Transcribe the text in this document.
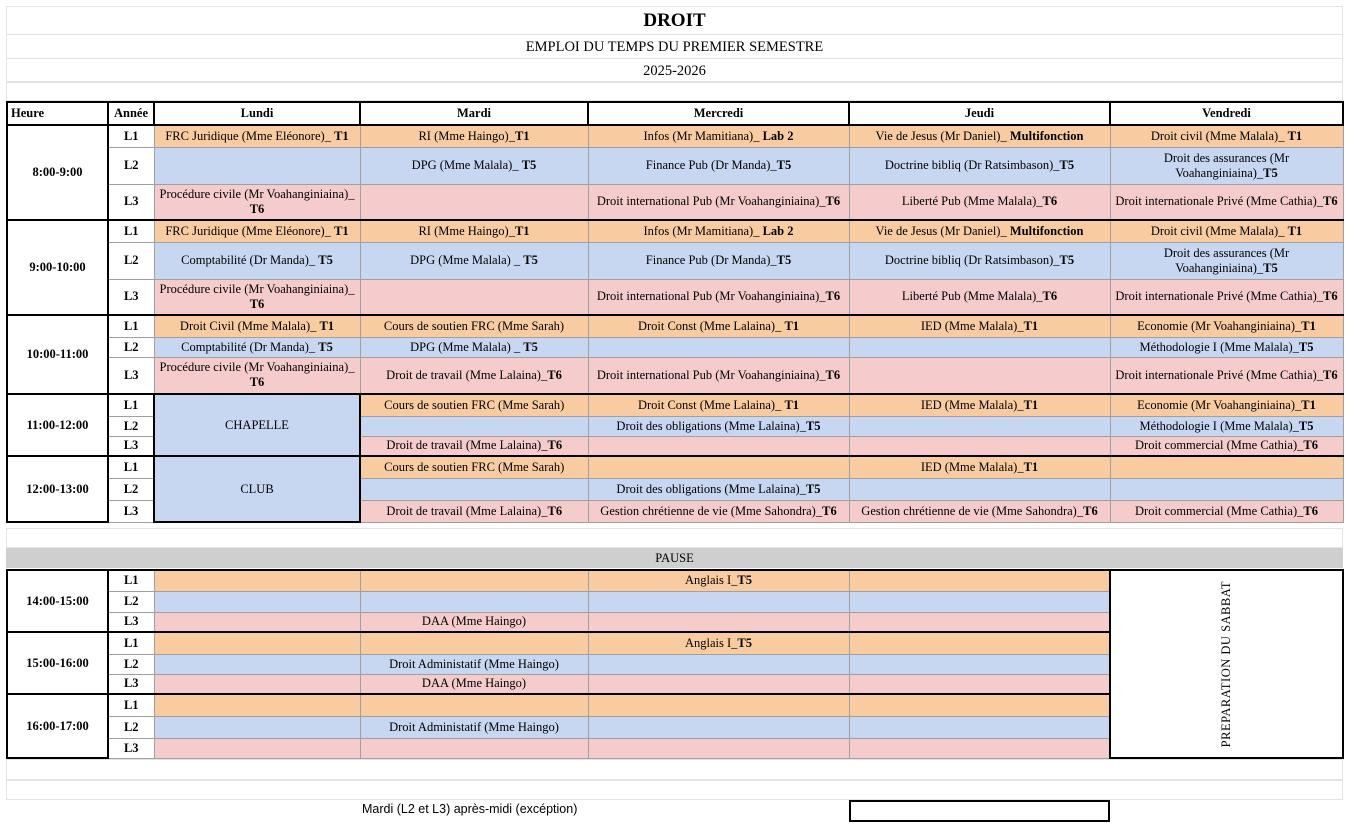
DROIT
EMPLOI DU TEMPS DU PREMIER SEMESTRE
2025-2026
Heure	Année	Lundi	Mardi	Mercredi	Jeudi	Vendredi
8:00-9:00	L1	FRC Juridique (Mme Eléonore)_ T1	RI (Mme Haingo)_T1	Infos (Mr Mamitiana)_ Lab 2	Vie de Jesus (Mr Daniel)_ Multifonction	Droit civil (Mme Malala)_ T1
	L2		DPG (Mme Malala)_ T5	Finance Pub (Dr Manda)_T5	Doctrine bibliq (Dr Ratsimbason)_T5	Droit des assurances (Mr Voahanginiaina)_T5
	L3	Procédure civile (Mr Voahanginiaina)_ T6		Droit international Pub (Mr Voahanginiaina)_T6	Liberté Pub (Mme Malala)_T6	Droit internationale Privé (Mme Cathia)_T6
9:00-10:00	L1	FRC Juridique (Mme Eléonore)_ T1	RI (Mme Haingo)_T1	Infos (Mr Mamitiana)_ Lab 2	Vie de Jesus (Mr Daniel)_ Multifonction	Droit civil (Mme Malala)_ T1
	L2	Comptabilité (Dr Manda)_ T5	DPG (Mme Malala) _ T5	Finance Pub (Dr Manda)_T5	Doctrine bibliq (Dr Ratsimbason)_T5	Droit des assurances (Mr Voahanginiaina)_T5
	L3	Procédure civile (Mr Voahanginiaina)_ T6		Droit international Pub (Mr Voahanginiaina)_T6	Liberté Pub (Mme Malala)_T6	Droit internationale Privé (Mme Cathia)_T6
10:00-11:00	L1	Droit Civil (Mme Malala)_ T1	Cours de soutien FRC (Mme Sarah)	Droit Const (Mme Lalaina)_ T1	IED (Mme Malala)_T1	Economie (Mr Voahanginiaina)_T1
	L2	Comptabilité (Dr Manda)_ T5	DPG (Mme Malala) _ T5			Méthodologie I (Mme Malala)_T5
	L3	Procédure civile (Mr Voahanginiaina)_ T6	Droit de travail (Mme Lalaina)_T6	Droit international Pub (Mr Voahanginiaina)_T6		Droit internationale Privé (Mme Cathia)_T6
11:00-12:00	L1	CHAPELLE	Cours de soutien FRC (Mme Sarah)	Droit Const (Mme Lalaina)_ T1	IED (Mme Malala)_T1	Economie (Mr Voahanginiaina)_T1
	L2			Droit des obligations (Mme Lalaina)_T5		Méthodologie I (Mme Malala)_T5
	L3		Droit de travail (Mme Lalaina)_T6			Droit commercial (Mme Cathia)_T6
12:00-13:00	L1	CLUB	Cours de soutien FRC (Mme Sarah)		IED (Mme Malala)_T1	
	L2			Droit des obligations (Mme Lalaina)_T5		
	L3		Droit de travail (Mme Lalaina)_T6	Gestion chrétienne de vie (Mme Sahondra)_T6	Gestion chrétienne de vie (Mme Sahondra)_T6	Droit commercial (Mme Cathia)_T6
PAUSE
14:00-15:00	L1			Anglais I_T5		PREPARATION DU SABBAT

	L2					
	L3		DAA (Mme Haingo)			
15:00-16:00	L1			Anglais I_T5		
	L2		Droit Administatif (Mme Haingo)			
	L3		DAA (Mme Haingo)			
16:00-17:00	L1					
	L2		Droit Administatif (Mme Haingo)			
	L3					
Mardi (L2 et L3) après-midi (excéption)
